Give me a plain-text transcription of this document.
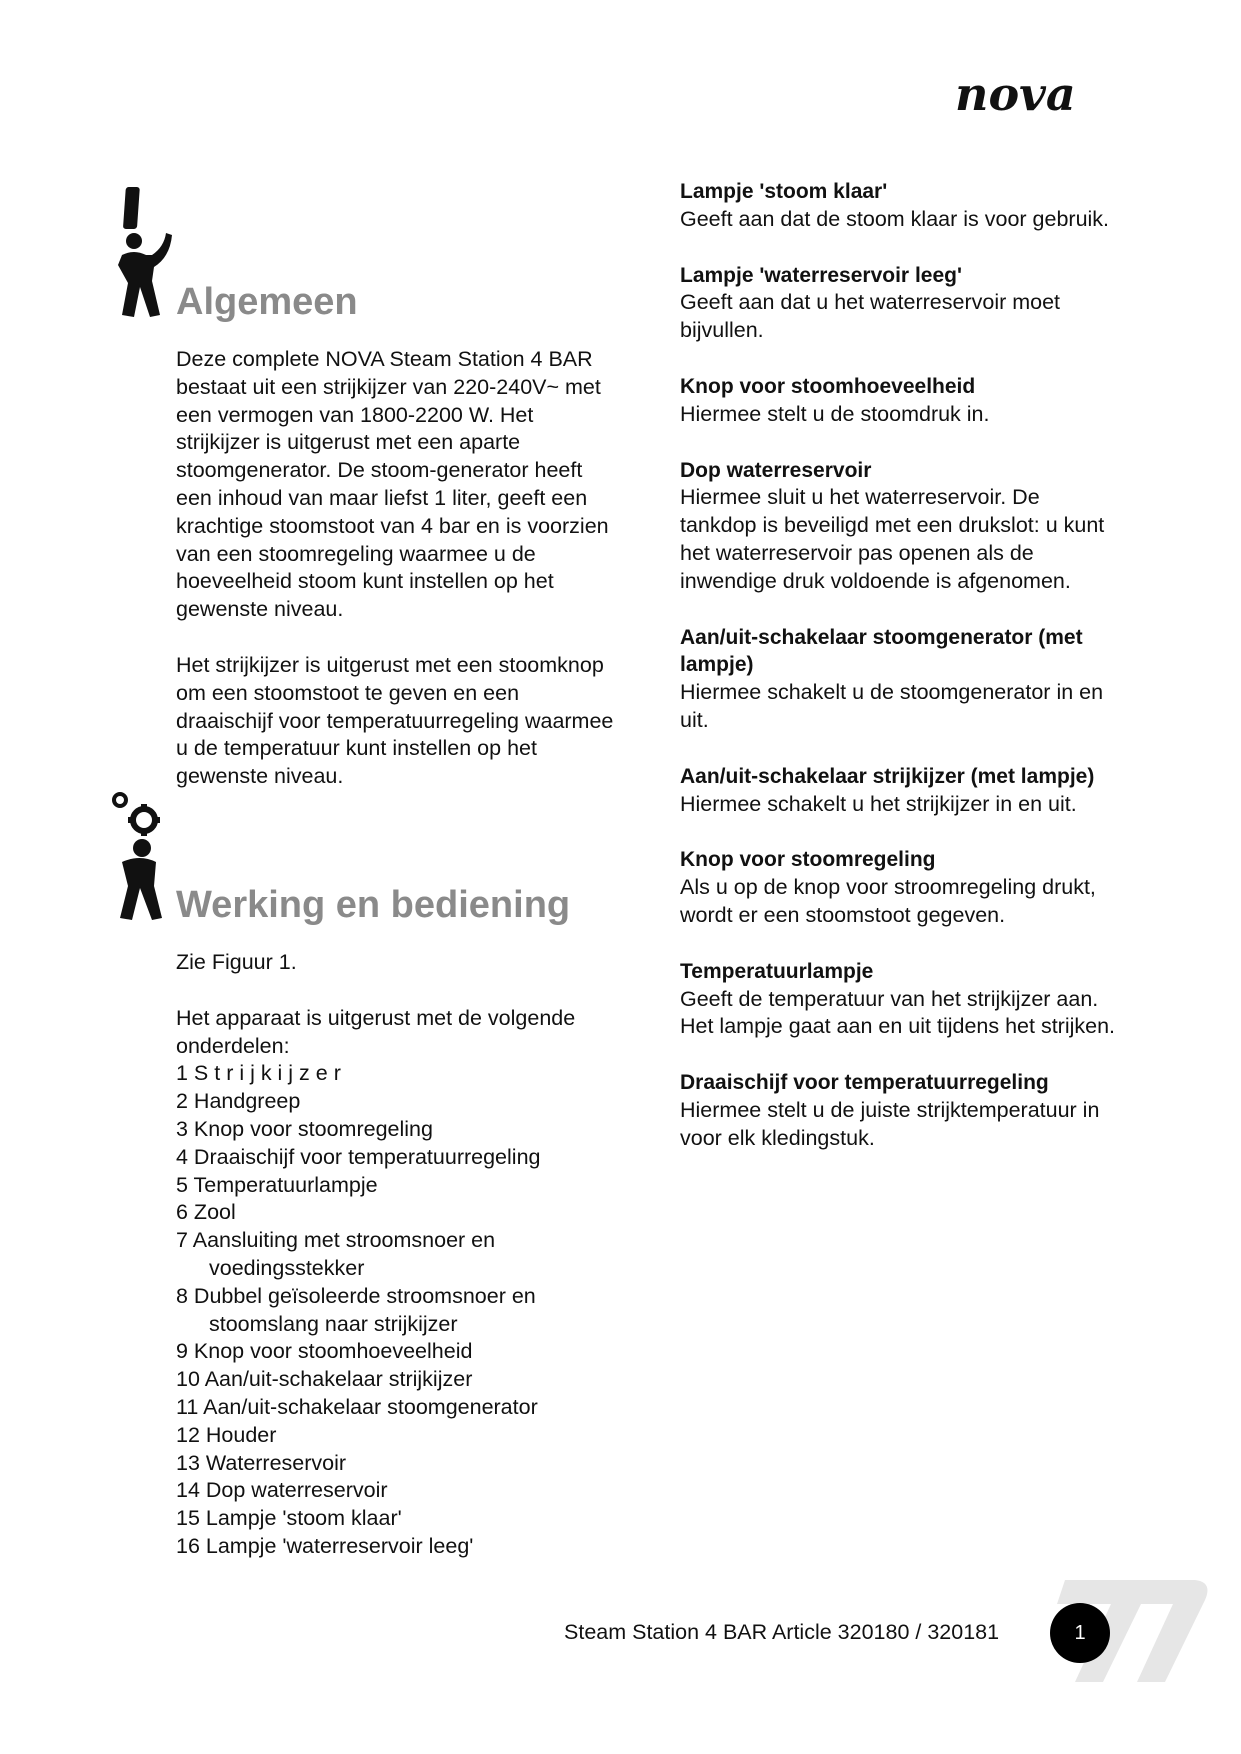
nova
Algemeen

Deze complete NOVA Steam Station 4 BAR bestaat uit een strijkijzer van 220-240V~ met een vermogen van 1800-2200 W. Het strijkijzer is uitgerust met een aparte stoomgenerator. De stoom-generator heeft een inhoud van maar liefst 1 liter, geeft een krachtige stoomstoot van 4 bar en is voorzien van een stoomregeling waarmee u de hoeveelheid stoom kunt instellen op het gewenste niveau.

Het strijkijzer is uitgerust met een stoomknop om een stoomstoot te geven en een draaischijf voor temperatuurregeling waarmee u de temperatuur kunt instellen op het gewenste niveau.

Werking en bediening

Zie Figuur 1.

Het apparaat is uitgerust met de volgende onderdelen:

1 S t r i j k i j z e r
2 Handgreep
3 Knop voor stoomregeling
4 Draaischijf voor temperatuurregeling
5 Temperatuurlampje
6 Zool
7 Aansluiting met stroomsnoer en voedingsstekker
8 Dubbel geïsoleerde stroomsnoer en stoomslang naar strijkijzer
9 Knop voor stoomhoeveelheid
10 Aan/uit-schakelaar strijkijzer
11 Aan/uit-schakelaar stoomgenerator
12 Houder
13 Waterreservoir
14 Dop waterreservoir
15 Lampje 'stoom klaar'
16 Lampje 'waterreservoir leeg'
Lampje 'stoom klaar'

Geeft aan dat de stoom klaar is voor gebruik.

Lampje 'waterreservoir leeg'

Geeft aan dat u het waterreservoir moet bijvullen.

Knop voor stoomhoeveelheid

Hiermee stelt u de stoomdruk in.

Dop waterreservoir

Hiermee sluit u het waterreservoir. De tankdop is beveiligd met een drukslot: u kunt het waterreservoir pas openen als de inwendige druk voldoende is afgenomen.

Aan/uit-schakelaar stoomgenerator (met lampje)

Hiermee schakelt u de stoomgenerator in en uit.

Aan/uit-schakelaar strijkijzer (met lampje)

Hiermee schakelt u het strijkijzer in en uit.

Knop voor stoomregeling

Als u op de knop voor stroomregeling drukt, wordt er een stoomstoot gegeven.

Temperatuurlampje

Geeft de temperatuur van het strijkijzer aan. Het lampje gaat aan en uit tijdens het strijken.

Draaischijf voor temperatuurregeling

Hiermee stelt u de juiste strijktemperatuur in voor elk kledingstuk.

Steam Station 4 BAR Article 320180 / 320181	1
